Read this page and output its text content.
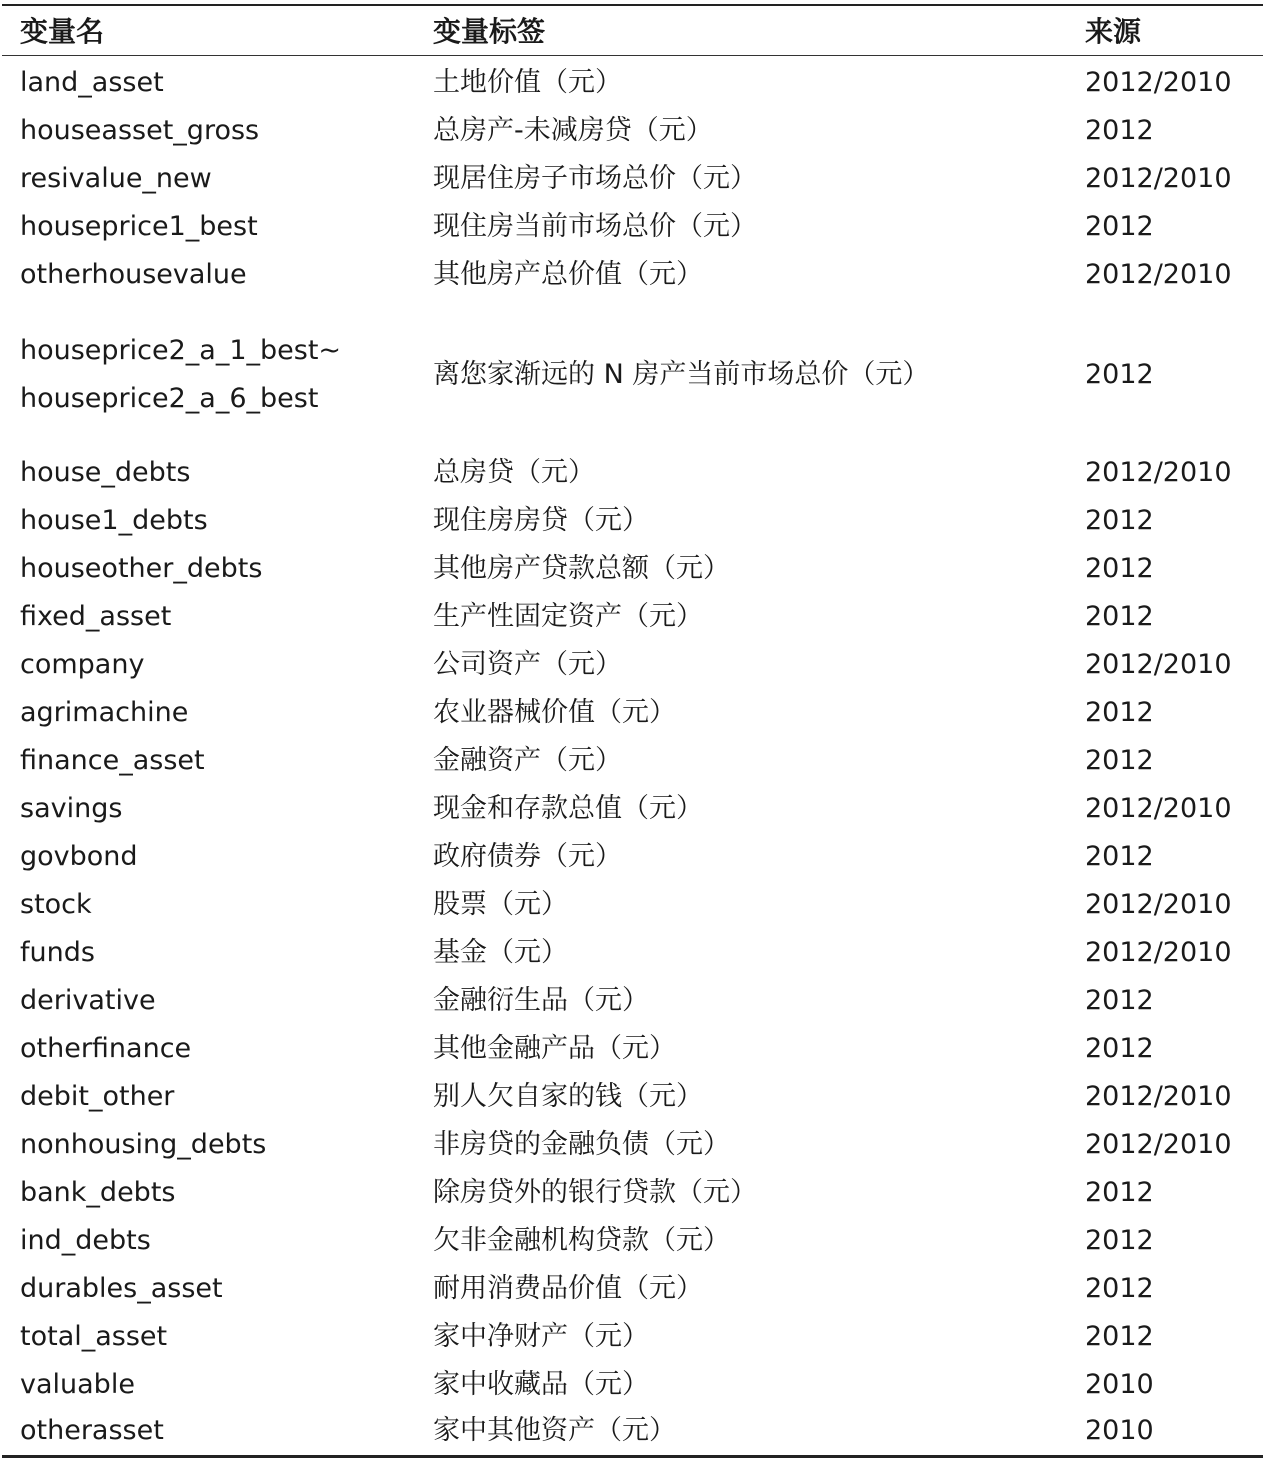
变量名	变量标签	来源
land_asset	土地价值（元）	2012/2010
houseasset_gross	总房产-未减房贷（元）	2012
resivalue_new	现居住房子市场总价（元）	2012/2010
houseprice1_best	现住房当前市场总价（元）	2012
otherhousevalue	其他房产总价值（元）	2012/2010
houseprice2_a_1_best~
houseprice2_a_6_best
离您家渐远的 N 房产当前市场总价（元）	2012
house_debts	总房贷（元）	2012/2010
house1_debts	现住房房贷（元）	2012
houseother_debts	其他房产贷款总额（元）	2012
fixed_asset	生产性固定资产（元）	2012
company	公司资产（元）	2012/2010
agrimachine	农业器械价值（元）	2012
finance_asset	金融资产（元）	2012
savings	现金和存款总值（元）	2012/2010
govbond	政府债券（元）	2012
stock	股票（元）	2012/2010
funds	基金（元）	2012/2010
derivative	金融衍生品（元）	2012
otherfinance	其他金融产品（元）	2012
debit_other	别人欠自家的钱（元）	2012/2010
nonhousing_debts	非房贷的金融负债（元）	2012/2010
bank_debts	除房贷外的银行贷款（元）	2012
ind_debts	欠非金融机构贷款（元）	2012
durables_asset	耐用消费品价值（元）	2012
total_asset	家中净财产（元）	2012
valuable	家中收藏品（元）	2010
otherasset	家中其他资产（元）	2010
